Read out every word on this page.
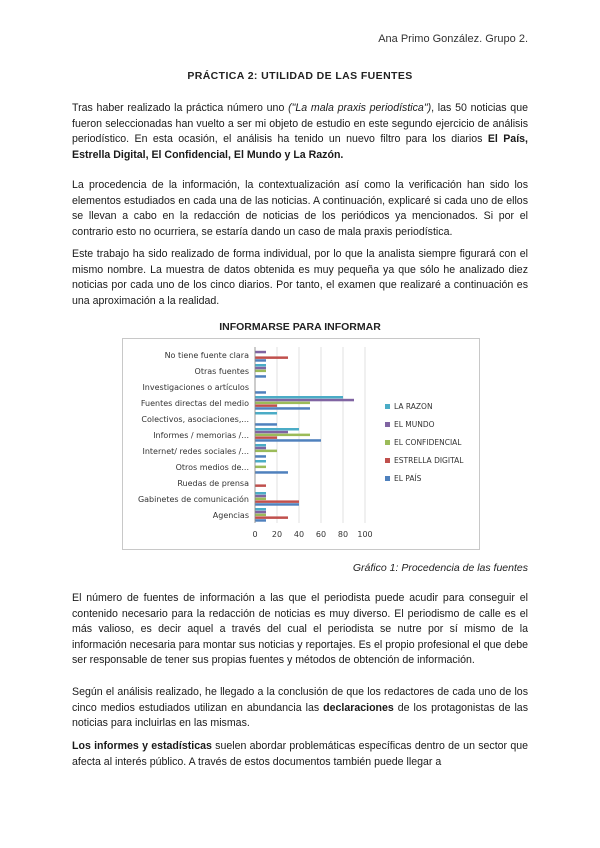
Ana Primo González. Grupo 2.
PRÁCTICA 2: UTILIDAD DE LAS FUENTES

Tras haber realizado la práctica número uno ("La mala praxis periodística"), las 50 noticias que fueron seleccionadas han vuelto a ser mi objeto de estudio en este segundo ejercicio de análisis periodístico. En esta ocasión, el análisis ha tenido un nuevo filtro para los diarios El País, Estrella Digital, El Confidencial, El Mundo y La Razón.

La procedencia de la información, la contextualización así como la verificación han sido los elementos estudiados en cada una de las noticias. A continuación, explicaré si cada uno de ellos se llevan a cabo en la redacción de noticias de los periódicos ya mencionados. Si por el contrario esto no ocurriera, se estaría dando un caso de mala praxis periodística.

Este trabajo ha sido realizado de forma individual, por lo que la analista siempre figurará con el mismo nombre. La muestra de datos obtenida es muy pequeña ya que sólo he analizado diez noticias por cada uno de los cinco diarios. Por tanto, el examen que realizaré a continuación es una aproximación a la realidad.

INFORMARSE PARA INFORMAR
0 20 40 60 80 100
No tiene fuente clara
Otras fuentes
Investigaciones o artículos
Fuentes directas del medio
Colectivos, asociaciones,...
Informes / memorias /...
Internet/ redes sociales /...
Otros medios de...
Ruedas de prensa
Gabinetes de comunicación
Agencias
LA RAZON
EL MUNDO
EL CONFIDENCIAL
ESTRELLA DIGITAL
EL PAÍS
Gráfico 1: Procedencia de las fuentes

El número de fuentes de información a las que el periodista puede acudir para conseguir el contenido necesario para la redacción de noticias es muy diverso. El periodismo de calle es el más valioso, es decir aquel a través del cual el periodista se nutre por sí mismo de la información necesaria para montar sus noticias y reportajes. Es el propio profesional el que debe ser responsable de tener sus propias fuentes y métodos de obtención de información.

Según el análisis realizado, he llegado a la conclusión de que los redactores de cada uno de los cinco medios estudiados utilizan en abundancia las declaraciones de los protagonistas de las noticias para incluirlas en las mismas.

Los informes y estadísticas suelen abordar problemáticas específicas dentro de un sector que afecta al interés público. A través de estos documentos también puede llegar a
